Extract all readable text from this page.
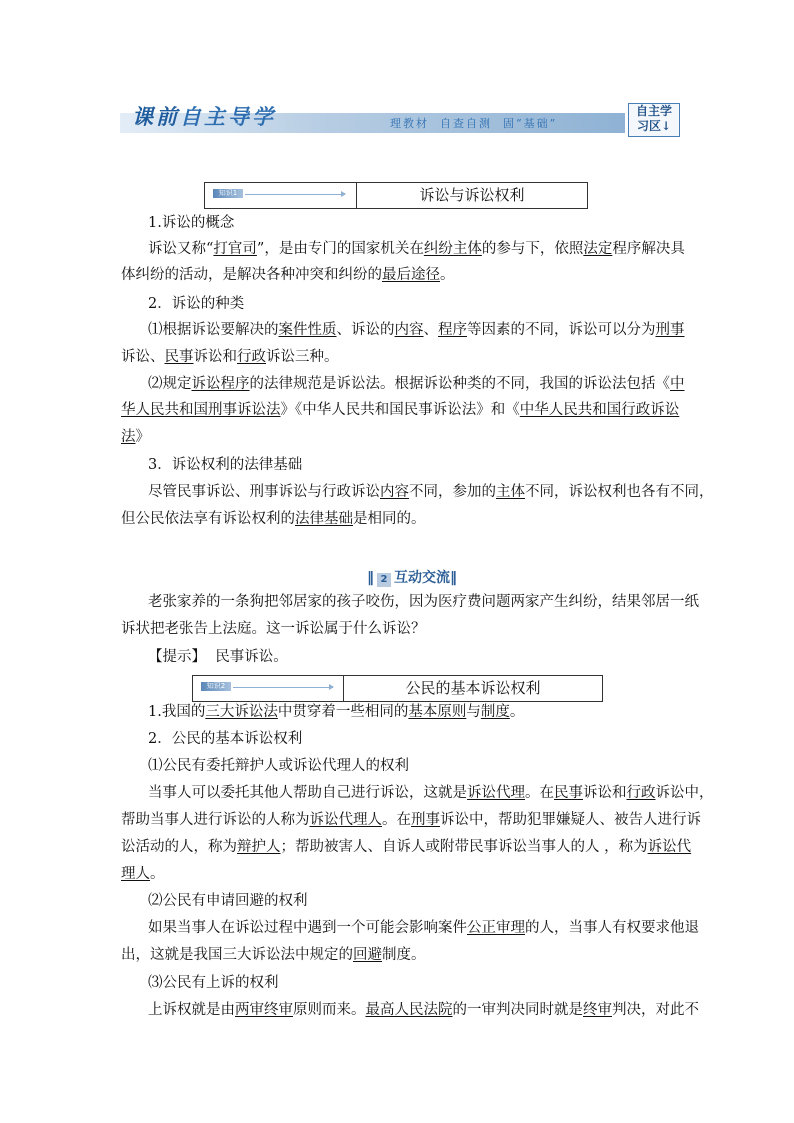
课前自主导学	理教材  自查自测  固“基础”
自主学
习区↓
知识1	诉讼与诉讼权利
1.诉讼的概念
诉讼又称“打官司”，是由专门的国家机关在纠纷主体的参与下，依照法定程序解决具
体纠纷的活动，是解决各种冲突和纠纷的最后途径。
2．诉讼的种类
⑴根据诉讼要解决的案件性质、诉讼的内容、程序等因素的不同，诉讼可以分为刑事
诉讼、民事诉讼和行政诉讼三种。
⑵规定诉讼程序的法律规范是诉讼法。根据诉讼种类的不同，我国的诉讼法包括《中
华人民共和国刑事诉讼法》《中华人民共和国民事诉讼法》和《中华人民共和国行政诉讼
法》
3．诉讼权利的法律基础
尽管民事诉讼、刑事诉讼与行政诉讼内容不同，参加的主体不同，诉讼权利也各有不同，
但公民依法享有诉讼权利的法律基础是相同的。
‖ 2 互动交流‖
老张家养的一条狗把邻居家的孩子咬伤，因为医疗费问题两家产生纠纷，结果邻居一纸
诉状把老张告上法庭。这一诉讼属于什么诉讼？
【提示】 民事诉讼。
知识2	公民的基本诉讼权利
1.我国的三大诉讼法中贯穿着一些相同的基本原则与制度。
2．公民的基本诉讼权利
⑴公民有委托辩护人或诉讼代理人的权利
当事人可以委托其他人帮助自己进行诉讼，这就是诉讼代理。在民事诉讼和行政诉讼中，
帮助当事人进行诉讼的人称为诉讼代理人。在刑事诉讼中，帮助犯罪嫌疑人、被告人进行诉
讼活动的人，称为辩护人；帮助被害人、自诉人或附带民事诉讼当事人的人 ，称为诉讼代
理人。
⑵公民有申请回避的权利
如果当事人在诉讼过程中遇到一个可能会影响案件公正审理的人，当事人有权要求他退
出，这就是我国三大诉讼法中规定的回避制度。
⑶公民有上诉的权利
上诉权就是由两审终审原则而来。最高人民法院的一审判决同时就是终审判决，对此不
